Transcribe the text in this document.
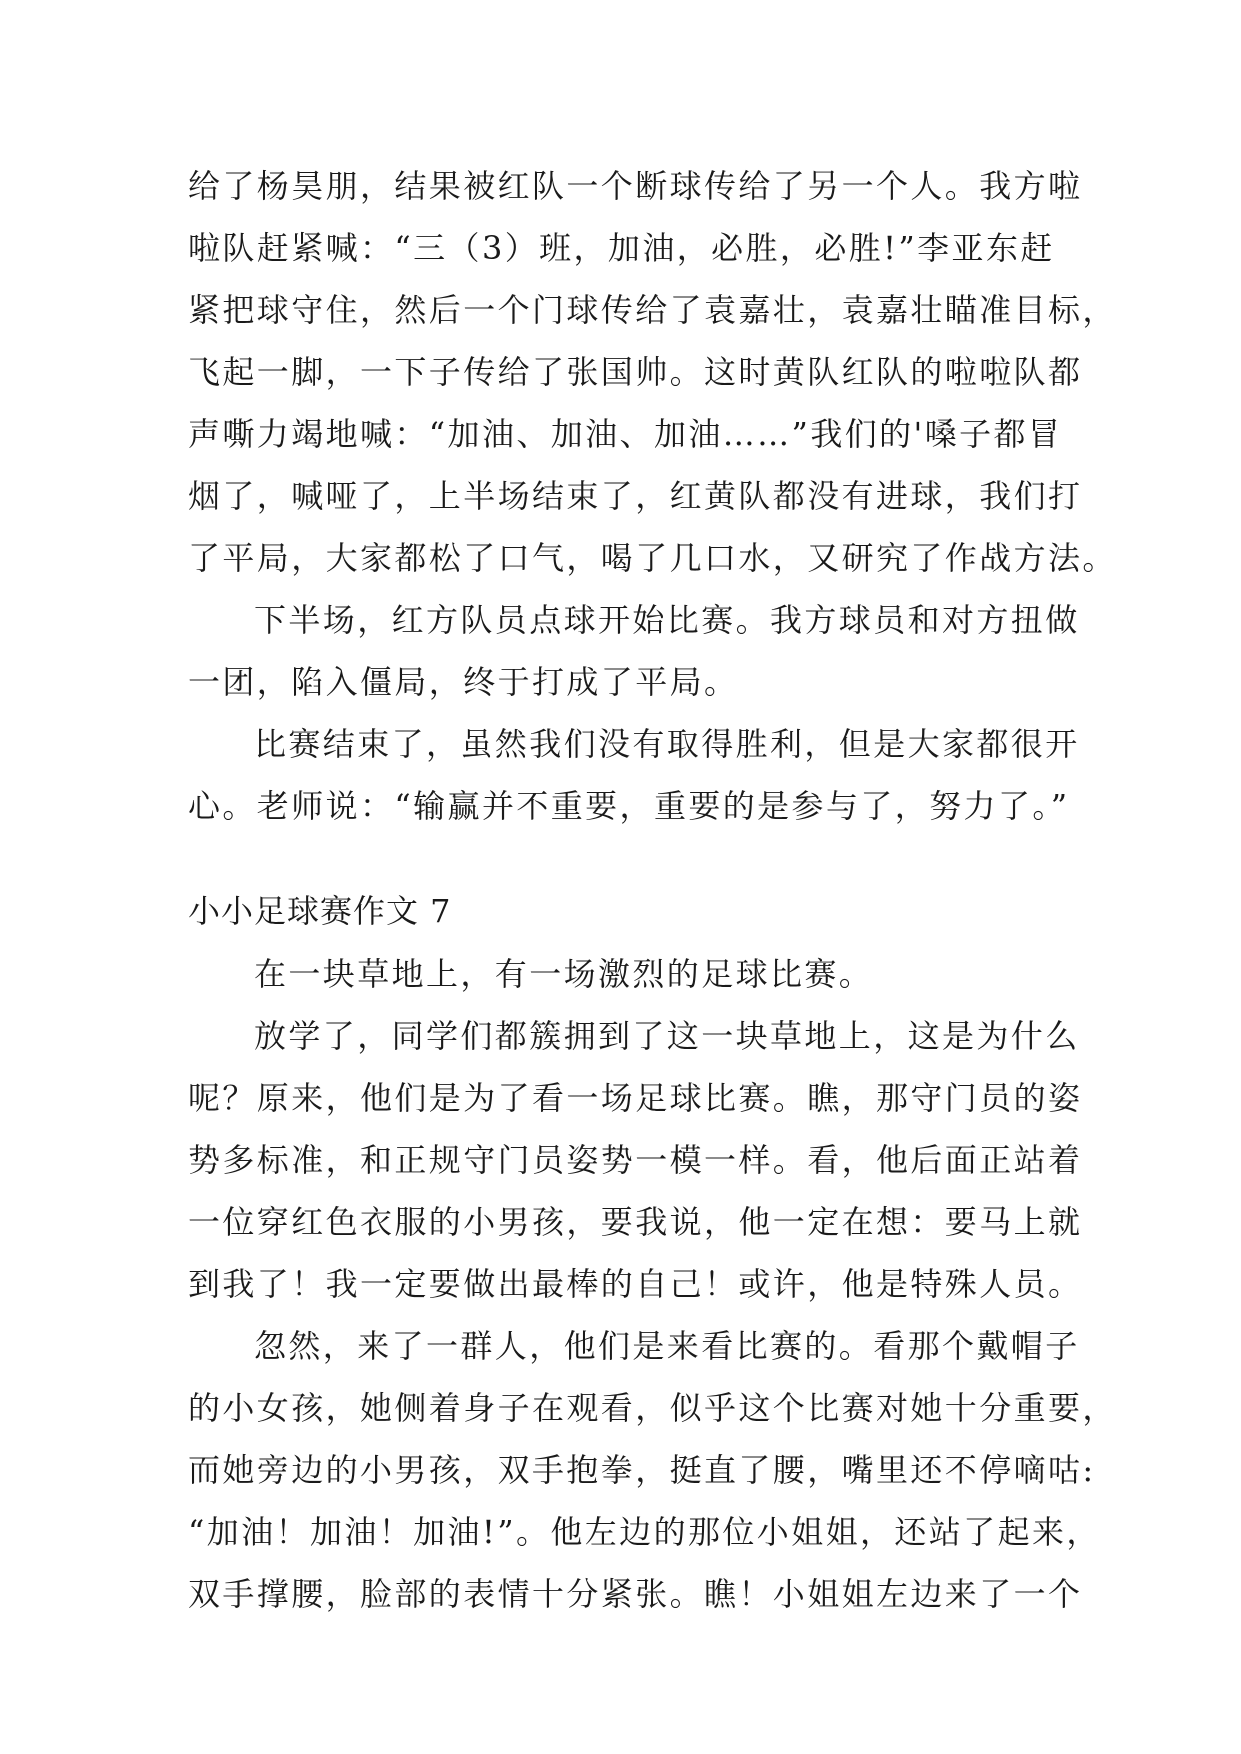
给了杨昊朋，结果被红队一个断球传给了另一个人。我方啦
啦队赶紧喊：“三（3）班，加油，必胜，必胜!”李亚东赶
紧把球守住，然后一个门球传给了袁嘉壮，袁嘉壮瞄准目标，
飞起一脚，一下子传给了张国帅。这时黄队红队的啦啦队都
声嘶力竭地喊：“加油、加油、加油……”我们的'嗓子都冒
烟了，喊哑了，上半场结束了，红黄队都没有进球，我们打
了平局，大家都松了口气，喝了几口水，又研究了作战方法。
下半场，红方队员点球开始比赛。我方球员和对方扭做
一团，陷入僵局，终于打成了平局。
比赛结束了，虽然我们没有取得胜利，但是大家都很开
心。老师说：“输赢并不重要，重要的是参与了，努力了。”
小小足球赛作文 7
在一块草地上，有一场激烈的足球比赛。
放学了，同学们都簇拥到了这一块草地上，这是为什么
呢？原来，他们是为了看一场足球比赛。瞧，那守门员的姿
势多标准，和正规守门员姿势一模一样。看，他后面正站着
一位穿红色衣服的小男孩，要我说，他一定在想：要马上就
到我了！我一定要做出最棒的自己！或许，他是特殊人员。
忽然，来了一群人，他们是来看比赛的。看那个戴帽子
的小女孩，她侧着身子在观看，似乎这个比赛对她十分重要，
而她旁边的小男孩，双手抱拳，挺直了腰，嘴里还不停嘀咕:
“加油！加油！加油!”。他左边的那位小姐姐，还站了起来，
双手撑腰，脸部的表情十分紧张。瞧！小姐姐左边来了一个
